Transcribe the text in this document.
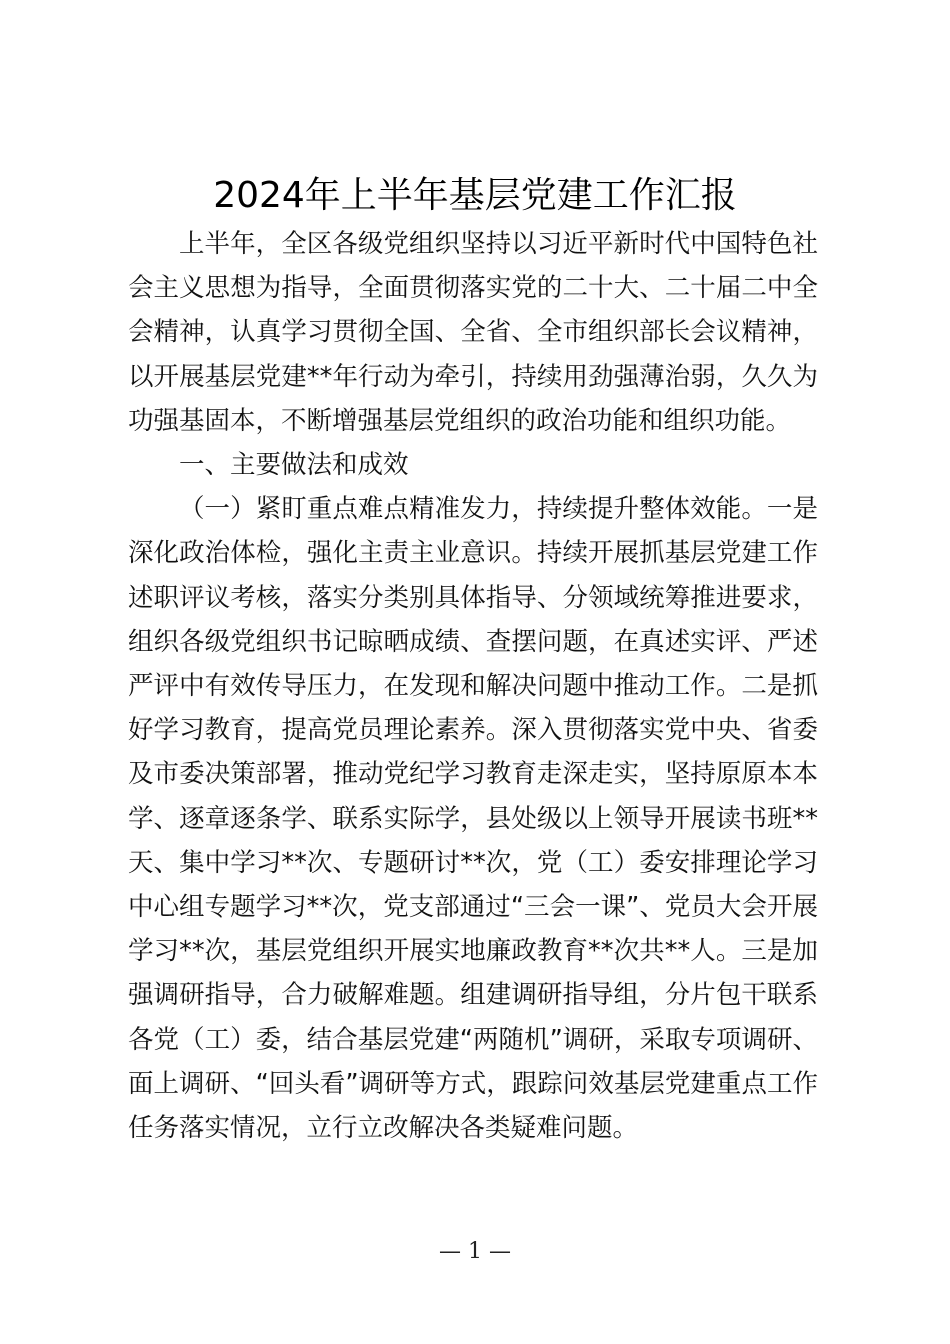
2024年上半年基层党建工作汇报

上半年，全区各级党组织坚持以习近平新时代中国特色社会主义思想为指导，全面贯彻落实党的二十大、二十届二中全会精神，认真学习贯彻全国、全省、全市组织部长会议精神，以开展基层党建**年行动为牵引，持续用劲强薄治弱，久久为功强基固本，不断增强基层党组织的政治功能和组织功能。

一、主要做法和成效

（一）紧盯重点难点精准发力，持续提升整体效能。一是深化政治体检，强化主责主业意识。持续开展抓基层党建工作述职评议考核，落实分类别具体指导、分领域统筹推进要求，组织各级党组织书记晾晒成绩、查摆问题，在真述实评、严述严评中有效传导压力，在发现和解决问题中推动工作。二是抓好学习教育，提高党员理论素养。深入贯彻落实党中央、省委及市委决策部署，推动党纪学习教育走深走实，坚持原原本本学、逐章逐条学、联系实际学，县处级以上领导开展读书班**天、集中学习**次、专题研讨**次，党（工）委安排理论学习中心组专题学习**次，党支部通过“三会一课”、党员大会开展学习**次，基层党组织开展实地廉政教育**次共**人。三是加强调研指导，合力破解难题。组建调研指导组，分片包干联系各党（工）委，结合基层党建“两随机”调研，采取专项调研、面上调研、“回头看”调研等方式，跟踪问效基层党建重点工作任务落实情况，立行立改解决各类疑难问题。

— 1 —
